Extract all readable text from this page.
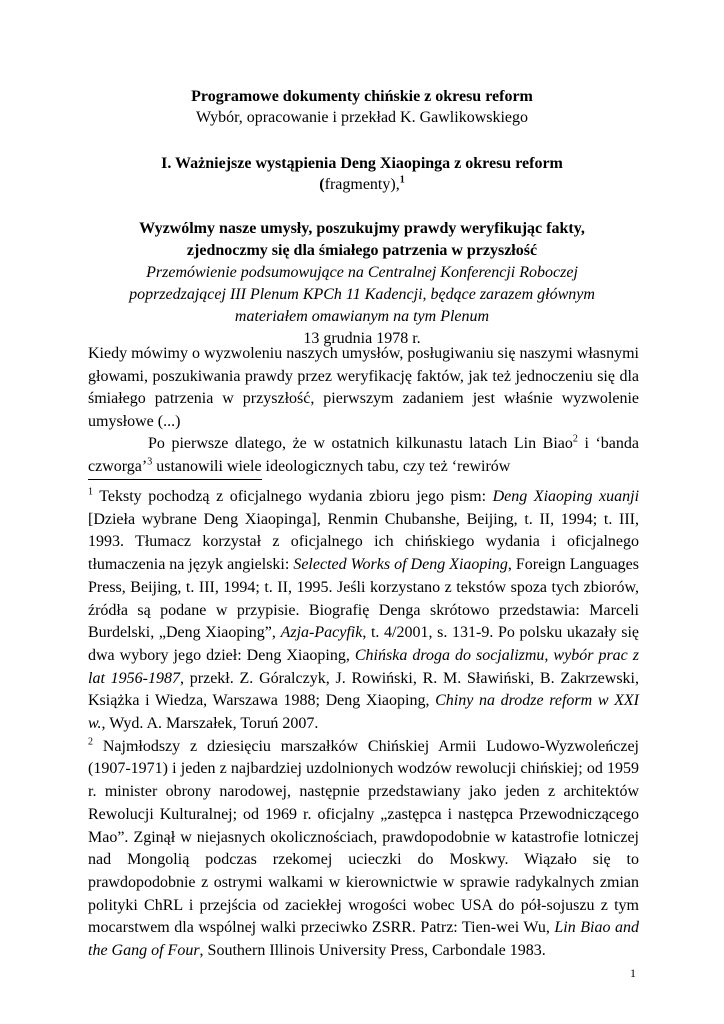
Programowe dokumenty chińskie z okresu reform

Wybór, opracowanie i przekład K. Gawlikowskiego

I. Ważniejsze wystąpienia Deng Xiaopinga z okresu reform

(fragmenty),$^1$

Wyzwólmy nasze umysły, poszukujmy prawdy weryfikując fakty,

zjednoczmy się dla śmiałego patrzenia w przyszłość

Przemówienie podsumowujące na Centralnej Konferencji Roboczej

poprzedzającej III Plenum KPCh 11 Kadencji, będące zarazem głównym

materiałem omawianym na tym Plenum

13 grudnia 1978 r.

Kiedy mówimy o wyzwoleniu naszych umysłów, posługiwaniu się naszymi własnymi głowami, poszukiwania prawdy przez weryfikację faktów, jak też jednoczeniu się dla śmiałego patrzenia w przyszłość, pierwszym zadaniem jest właśnie wyzwolenie umysłowe (...)

Po pierwsze dlatego, że w ostatnich kilkunastu latach Lin Biao$^2$ i ‘banda czworga’$^3$ ustanowili wiele ideologicznych tabu, czy też ‘rewirów

$^1$ Teksty pochodzą z oficjalnego wydania zbioru jego pism: Deng Xiaoping xuanji [Dzieła wybrane Deng Xiaopinga], Renmin Chubanshe, Beijing, t. II, 1994; t. III, 1993. Tłumacz korzystał z oficjalnego ich chińskiego wydania i oficjalnego tłumaczenia na język angielski: Selected Works of Deng Xiaoping, Foreign Languages Press, Beijing, t. III, 1994; t. II, 1995. Jeśli korzystano z tekstów spoza tych zbiorów, źródła są podane w przypisie. Biografię Denga skrótowo przedstawia: Marceli Burdelski, „Deng Xiaoping”, Azja-Pacyfik, t. 4/2001, s. 131-9. Po polsku ukazały się dwa wybory jego dzieł: Deng Xiaoping, Chińska droga do socjalizmu, wybór prac z lat 1956-1987, przekł. Z. Góralczyk, J. Rowiński, R. M. Sławiński, B. Zakrzewski, Książka i Wiedza, Warszawa 1988; Deng Xiaoping, Chiny na drodze reform w XXI w., Wyd. A. Marszałek, Toruń 2007.

$^2$ Najmłodszy z dziesięciu marszałków Chińskiej Armii Ludowo-Wyzwoleńczej (1907-1971) i jeden z najbardziej uzdolnionych wodzów rewolucji chińskiej; od 1959 r. minister obrony narodowej, następnie przedstawiany jako jeden z architektów Rewolucji Kulturalnej; od 1969 r. oficjalny „zastępca i następca Przewodniczącego Mao”. Zginął w niejasnych okolicznościach, prawdopodobnie w katastrofie lotniczej nad Mongolią podczas rzekomej ucieczki do Moskwy. Wiązało się to prawdopodobnie z ostrymi walkami w kierownictwie w sprawie radykalnych zmian polityki ChRL i przejścia od zaciekłej wrogości wobec USA do pół-sojuszu z tym mocarstwem dla wspólnej walki przeciwko ZSRR. Patrz: Tien-wei Wu, Lin Biao and the Gang of Four, Southern Illinois University Press, Carbondale 1983.

1
